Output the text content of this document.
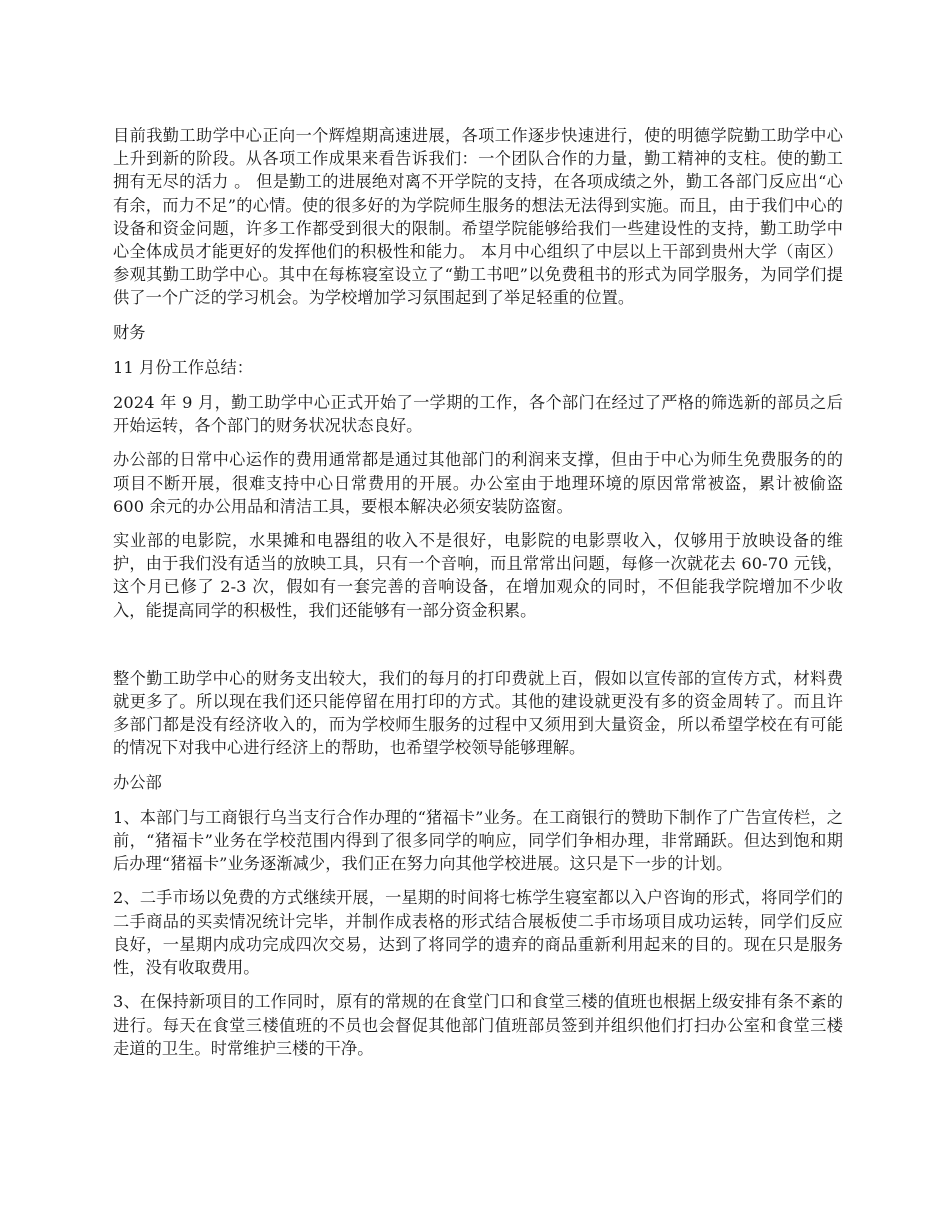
目前我勤工助学中心正向一个辉煌期高速进展，各项工作逐步快速进行，使的明德学院勤工助学中心上升到新的阶段。从各项工作成果来看告诉我们：一个团队合作的力量，勤工精神的支柱。使的勤工拥有无尽的活力 。 但是勤工的进展绝对离不开学院的支持，在各项成绩之外，勤工各部门反应出“心有余，而力不足”的心情。使的很多好的为学院师生服务的想法无法得到实施。而且，由于我们中心的设备和资金问题，许多工作都受到很大的限制。希望学院能够给我们一些建设性的支持，勤工助学中心全体成员才能更好的发挥他们的积极性和能力。 本月中心组织了中层以上干部到贵州大学（南区）参观其勤工助学中心。其中在每栋寝室设立了“勤工书吧”以免费租书的形式为同学服务，为同学们提供了一个广泛的学习机会。为学校增加学习氛围起到了举足轻重的位置。

财务

11 月份工作总结：

2024 年 9 月，勤工助学中心正式开始了一学期的工作，各个部门在经过了严格的筛选新的部员之后开始运转，各个部门的财务状况状态良好。

办公部的日常中心运作的费用通常都是通过其他部门的利润来支撑，但由于中心为师生免费服务的的项目不断开展，很难支持中心日常费用的开展。办公室由于地理环境的原因常常被盗，累计被偷盗 600 余元的办公用品和清洁工具，要根本解决必须安装防盗窗。

实业部的电影院，水果摊和电器组的收入不是很好，电影院的电影票收入，仅够用于放映设备的维护，由于我们没有适当的放映工具，只有一个音响，而且常常出问题，每修一次就花去 60-70 元钱，这个月已修了 2-3 次，假如有一套完善的音响设备，在增加观众的同时，不但能我学院增加不少收入，能提高同学的积极性，我们还能够有一部分资金积累。

整个勤工助学中心的财务支出较大，我们的每月的打印费就上百，假如以宣传部的宣传方式，材料费就更多了。所以现在我们还只能停留在用打印的方式。其他的建设就更没有多的资金周转了。而且许多部门都是没有经济收入的，而为学校师生服务的过程中又须用到大量资金，所以希望学校在有可能的情况下对我中心进行经济上的帮助，也希望学校领导能够理解。

办公部

1、本部门与工商银行乌当支行合作办理的“猪福卡”业务。在工商银行的赞助下制作了广告宣传栏，之前，“猪福卡”业务在学校范围内得到了很多同学的响应，同学们争相办理，非常踊跃。但达到饱和期后办理“猪福卡”业务逐渐减少，我们正在努力向其他学校进展。这只是下一步的计划。

2、二手市场以免费的方式继续开展，一星期的时间将七栋学生寝室都以入户咨询的形式，将同学们的二手商品的买卖情况统计完毕，并制作成表格的形式结合展板使二手市场项目成功运转，同学们反应良好，一星期内成功完成四次交易，达到了将同学的遗弃的商品重新利用起来的目的。现在只是服务性，没有收取费用。

3、在保持新项目的工作同时，原有的常规的在食堂门口和食堂三楼的值班也根据上级安排有条不紊的进行。每天在食堂三楼值班的不员也会督促其他部门值班部员签到并组织他们打扫办公室和食堂三楼走道的卫生。时常维护三楼的干净。
